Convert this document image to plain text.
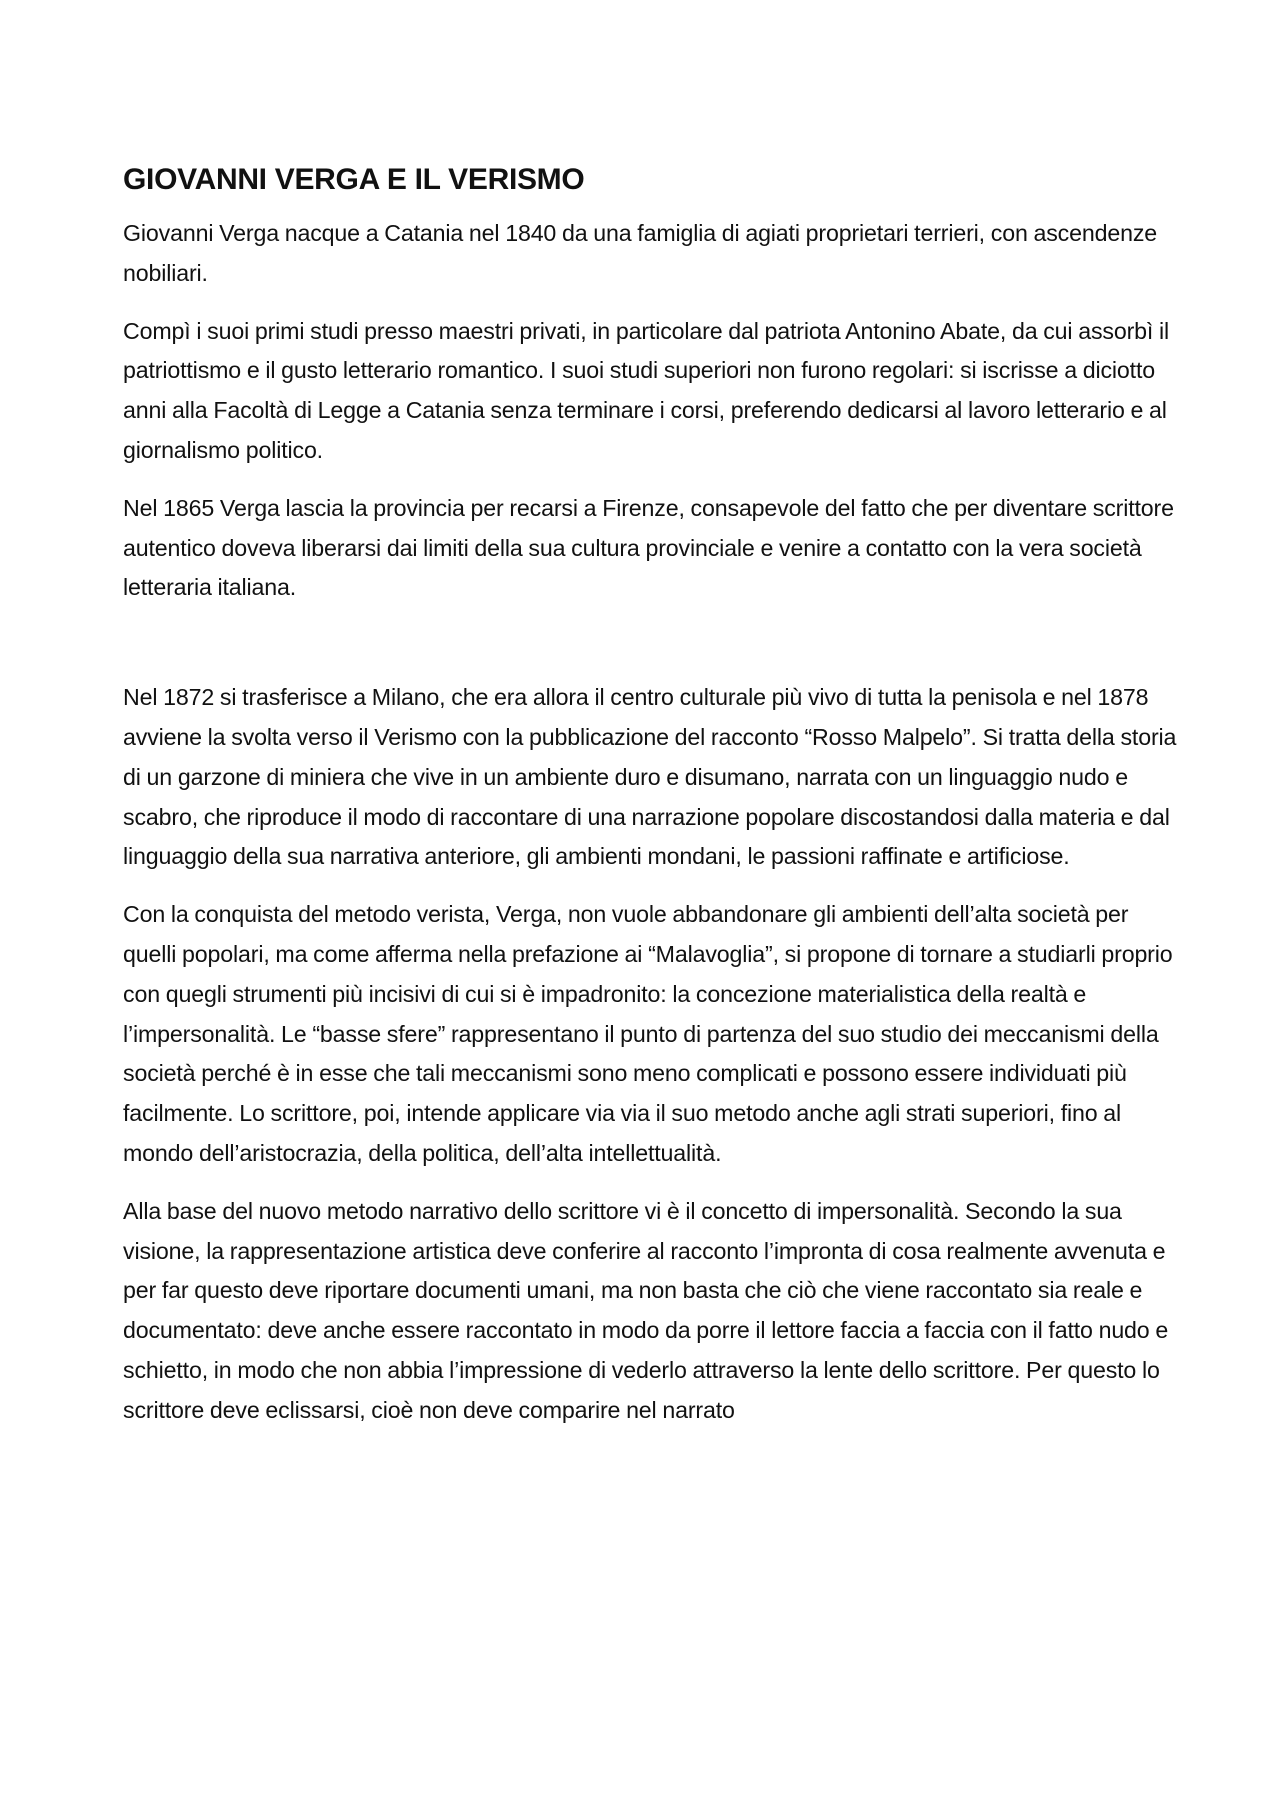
GIOVANNI VERGA E IL VERISMO

Giovanni Verga nacque a Catania nel 1840 da una famiglia di agiati proprietari terrieri, con ascendenze nobiliari.

Compì i suoi primi studi presso maestri privati, in particolare dal patriota Antonino Abate, da cui assorbì il patriottismo e il gusto letterario romantico. I suoi studi superiori non furono regolari: si iscrisse a diciotto anni alla Facoltà di Legge a Catania senza terminare i corsi, preferendo dedicarsi al lavoro letterario e al giornalismo politico.

Nel 1865 Verga lascia la provincia per recarsi a Firenze, consapevole del fatto che per diventare scrittore autentico doveva liberarsi dai limiti della sua cultura provinciale e venire a contatto con la vera società letteraria italiana.

Nel 1872 si trasferisce a Milano, che era allora il centro culturale più vivo di tutta la penisola e nel 1878 avviene la svolta verso il Verismo con la pubblicazione del racconto “Rosso Malpelo”. Si tratta della storia di un garzone di miniera che vive in un ambiente duro e disumano, narrata con un linguaggio nudo e scabro, che riproduce il modo di raccontare di una narrazione popolare discostandosi dalla materia e dal linguaggio della sua narrativa anteriore, gli ambienti mondani, le passioni raffinate e artificiose.

Con la conquista del metodo verista, Verga, non vuole abbandonare gli ambienti dell’alta società per quelli popolari, ma come afferma nella prefazione ai “Malavoglia”, si propone di tornare a studiarli proprio con quegli strumenti più incisivi di cui si è impadronito: la concezione materialistica della realtà e l’impersonalità. Le “basse sfere” rappresentano il punto di partenza del suo studio dei meccanismi della società perché è in esse che tali meccanismi sono meno complicati e possono essere individuati più facilmente. Lo scrittore, poi, intende applicare via via il suo metodo anche agli strati superiori, fino al mondo dell’aristocrazia, della politica, dell’alta intellettualità.

Alla base del nuovo metodo narrativo dello scrittore vi è il concetto di impersonalità. Secondo la sua visione, la rappresentazione artistica deve conferire al racconto l’impronta di cosa realmente avvenuta e per far questo deve riportare documenti umani, ma non basta che ciò che viene raccontato sia reale e documentato: deve anche essere raccontato in modo da porre il lettore faccia a faccia con il fatto nudo e schietto, in modo che non abbia l’impressione di vederlo attraverso la lente dello scrittore. Per questo lo scrittore deve eclissarsi, cioè non deve comparire nel narrato
